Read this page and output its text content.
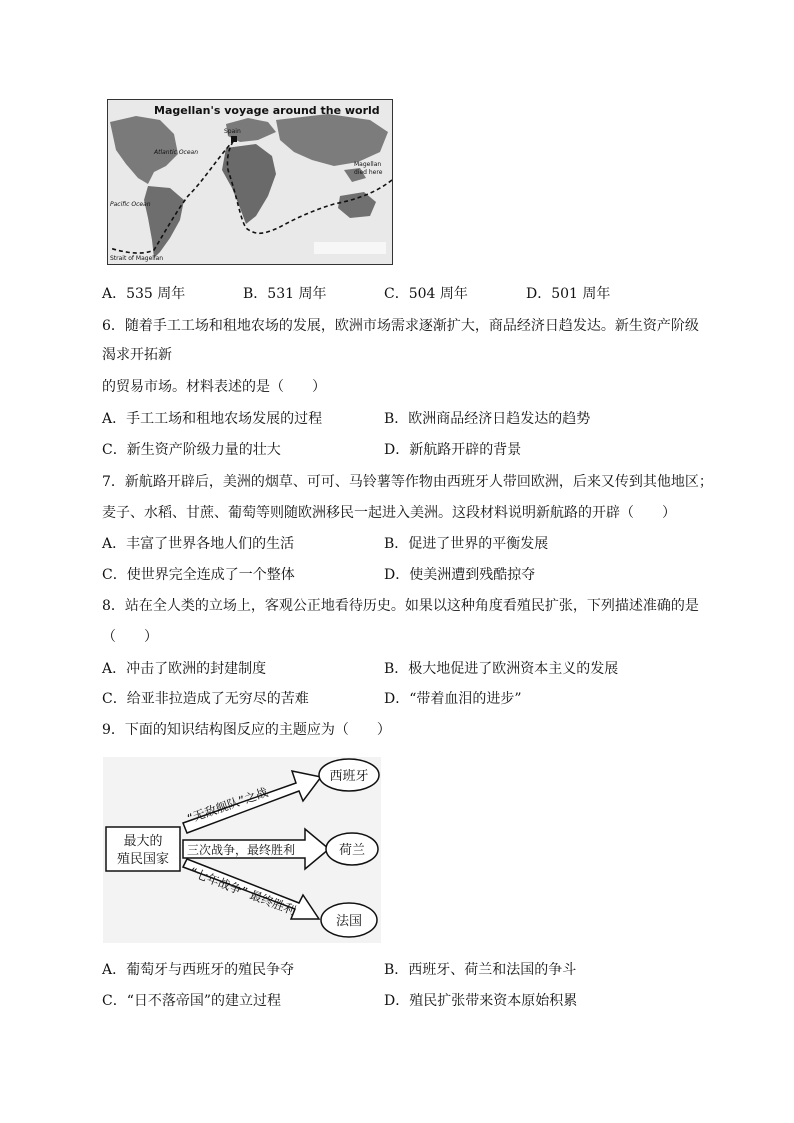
Magellan's voyage around the world
Spain
Atlantic Ocean
Pacific Ocean
Strait of Magellan
Magellan
died here
A．535 周年	B．531 周年	C．504 周年	D．501 周年
6．随着手工工场和租地农场的发展，欧洲市场需求逐渐扩大，商品经济日趋发达。新生资产阶级
渴求开拓新
的贸易市场。材料表述的是（　　）
A．手工工场和租地农场发展的过程	B．欧洲商品经济日趋发达的趋势
C．新生资产阶级力量的壮大	D．新航路开辟的背景
7．新航路开辟后，美洲的烟草、可可、马铃薯等作物由西班牙人带回欧洲，后来又传到其他地区；
麦子、水稻、甘蔗、葡萄等则随欧洲移民一起进入美洲。这段材料说明新航路的开辟（　　）
A．丰富了世界各地人们的生活	B．促进了世界的平衡发展
C．使世界完全连成了一个整体	D．使美洲遭到残酷掠夺
8．站在全人类的立场上，客观公正地看待历史。如果以这种角度看殖民扩张，下列描述准确的是
（　　）
A．冲击了欧洲的封建制度	B．极大地促进了欧洲资本主义的发展
C．给亚非拉造成了无穷尽的苦难	D．“带着血泪的进步”
9．下面的知识结构图反应的主题应为（　　）
最大的
殖民国家
“无敌舰队”之战
三次战争，最终胜利
“七年战争” 最终胜利
西班牙
荷兰
法国
A．葡萄牙与西班牙的殖民争夺	B．西班牙、荷兰和法国的争斗
C．“日不落帝国”的建立过程	D．殖民扩张带来资本原始积累
